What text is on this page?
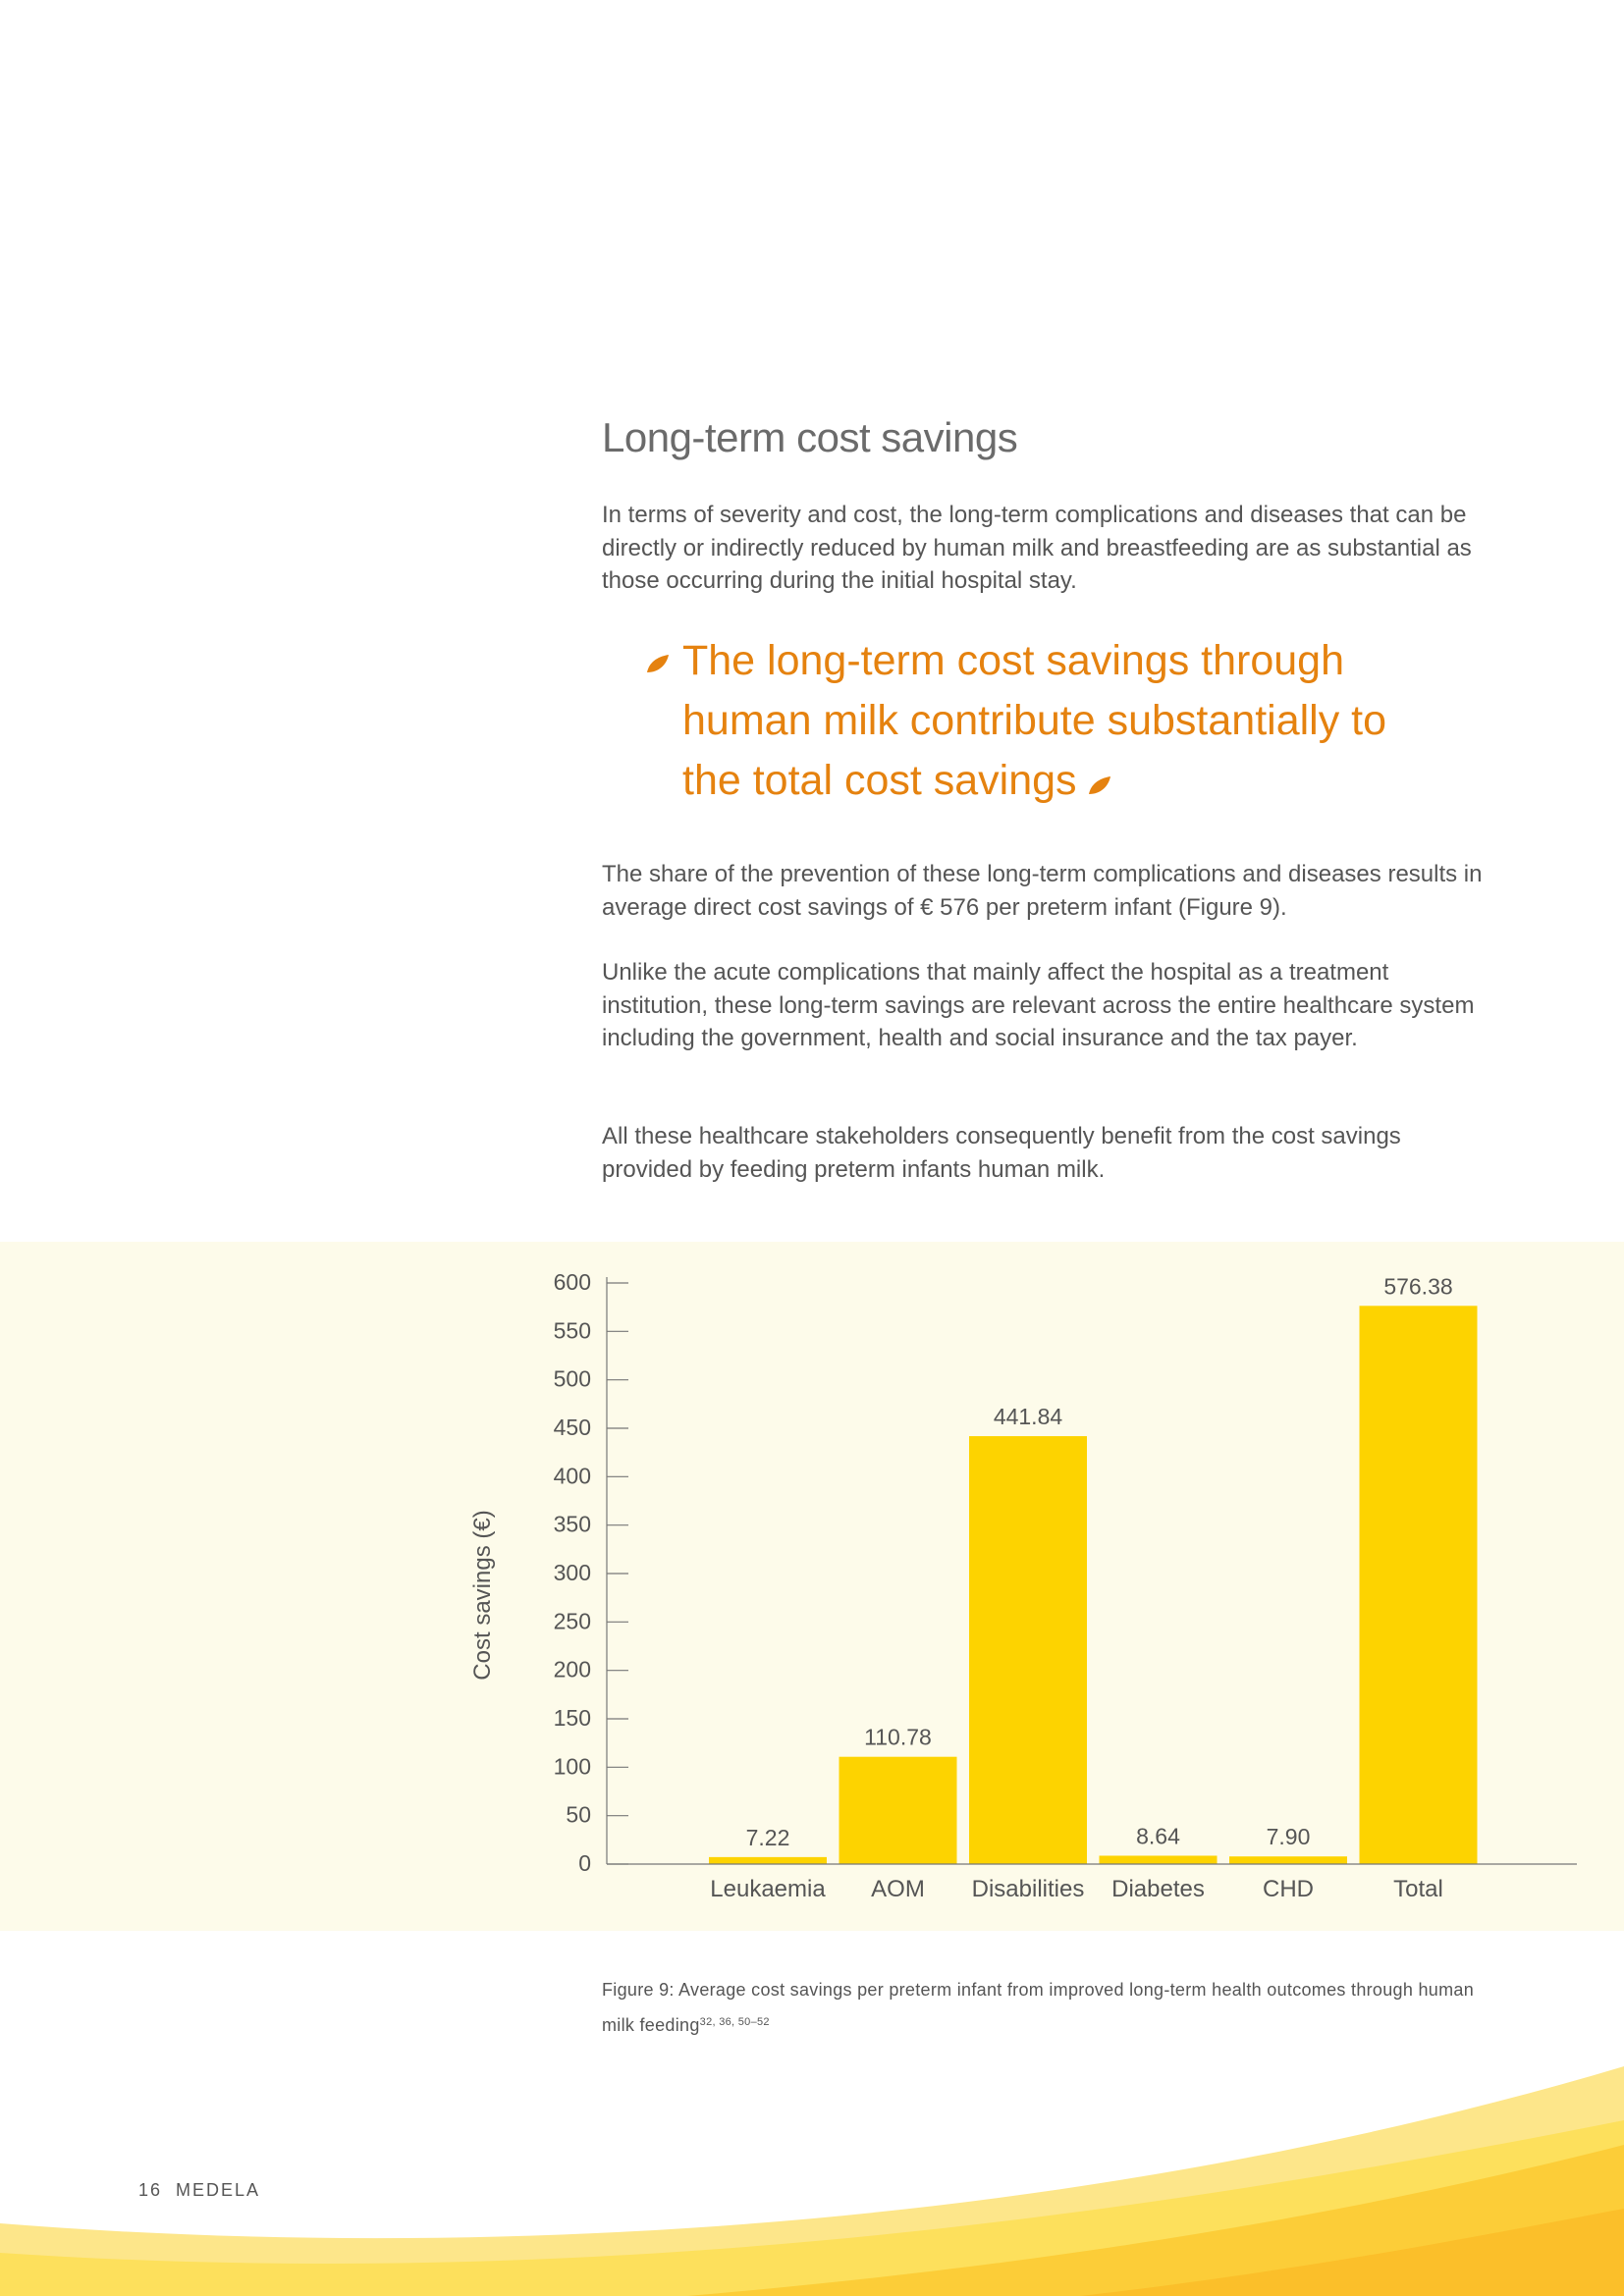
Long-term cost savings

In terms of severity and cost, the long-term complications and diseases that can be directly or indirectly reduced by human milk and breastfeeding are as substantial as those occurring during the initial hospital stay.

The long-term cost savings through human milk contribute substantially to the total cost savings

The share of the prevention of these long-term complications and diseases results in average direct cost savings of € 576 per preterm infant (Figure 9).

Unlike the acute complications that mainly affect the hospital as a treatment institution, these long-term savings are relevant across the entire healthcare system including the government, health and social insurance and the tax payer.

All these healthcare stakeholders consequently benefit from the cost savings provided by feeding preterm infants human milk.

0
50
100
150
200
250
300
350
400
450
500
550
600
7.22
110.78
441.84
8.64	7.90
576.38
Leukaemia AOM Disabilities Diabetes CHD	Total
Cost savings (€)

Figure 9: Average cost savings per preterm infant from improved long-term health outcomes through human milk feeding$^{32, 36, 50-52}$

16 MEDELA
